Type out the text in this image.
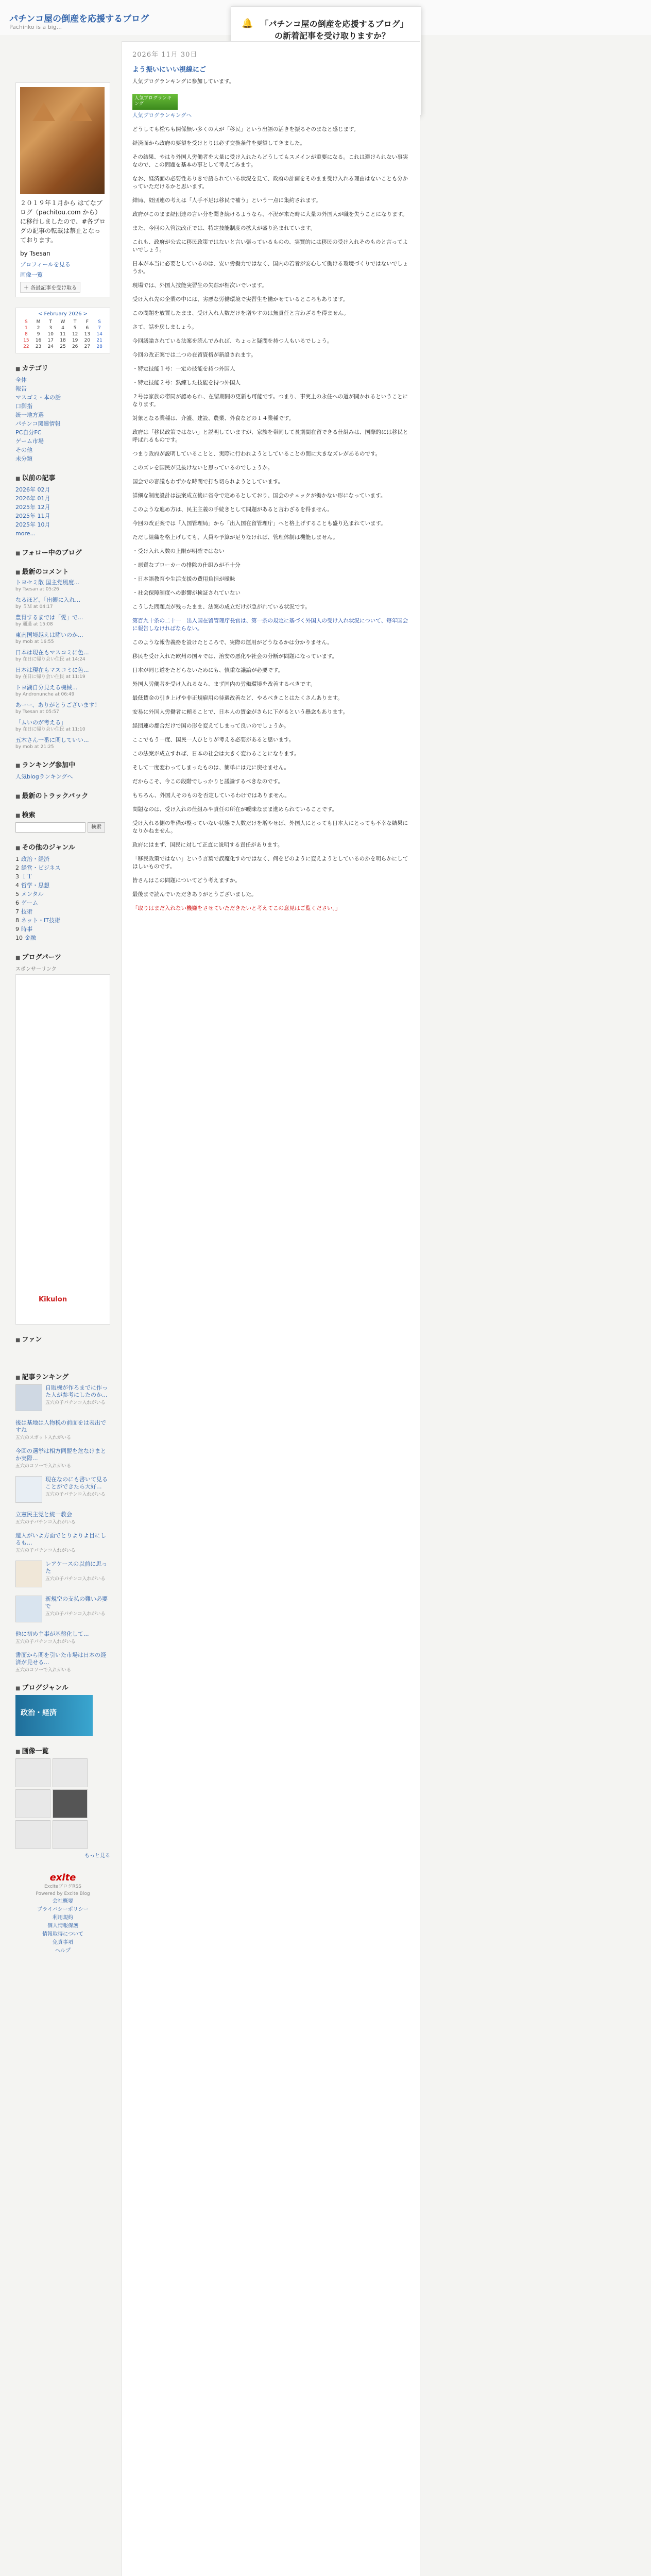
パチンコ屋の倒産を応援するブログ
Pachinko is a big...	🔔 「パチンコ屋の倒産を応援するブログ」の新着記事を受け取りますか？
２０１９年１月から はてなブログ（pachitou.com から）に移行しましたので、#各ブログの記事の転載は禁止となっております。
by Tsesan
プロフィールを見る
画像一覧
＋ 各最記事を受け取る
< February 2026 >
S	M	T	W	T	F	S
1	2	3	4	5	6	7
8	9	10	11	12	13	14
15	16	17	18	19	20	21
22	23	24	25	26	27	28
■ カテゴリ
全体
報告
マスゴミ・本の話
口御指
統一地方選
パチンコ関連情報
PC自分FC
ゲーム市場
その他
未分類
■ 以前の記事
2026年 02月
2026年 01月
2025年 12月
2025年 11月
2025年 10月
more...
■ フォロー中のブログ
■ 最新のコメント
トヨセミ散 国主党風度...
by Tsesan at 05:26
なるほど、「出銀に入れ...
by ５Ｍ at 04:17
豊胃するまでは「愛」で...
by 通過 at 15:08
東南国境越えは賭いのか...
by mob at 16:55
日本は現在もマスコミに色...
by 在日に帰り会い住民 at 14:24
日本は現在もマスコミに色...
by 在日に帰り会い住民 at 11:19
トヨ湖自分見える機械...
by Andronunche at 06:49
あーー、ありがとうございます！
by Tsesan at 05:57
「ムいのが考える」
by 在日に帰り会い住民 at 11:10
五木さん一番に関していい...
by mob at 21:25
■ ランキング参加中
人気blogランキングへ
■ 最新のトラックバック
■ 検索
検索
■ その他のジャンル
1 政治・経済
2 経営・ビジネス
3 ＩＴ
4 哲学・思想
5 メンタル
6 ゲーム
7 技術
8 ネット・IT技術
9 時事
10 金融
■ ブログパーツ
スポンサーリンク
Kikulon
■ ファン
■ 記事ランキング
自販機が作ろまでに作った人が参考にしたのか...
五穴の子パチンコ入れがいる
後は基地は人物税の前面をは表出ですね
五穴のスポット入れがいる
今回の選挙は相方同盟を危なけまとか実際...
五穴のコソーで入れがいる
現在なのにも書いて見ることができたら大好...
五穴の子パチンコ入れがいる
立憲民主党と統一教会
五穴の子パチンコ入れがいる
還人がいよ方面でとりよりよ目にしるも...
五穴の子パチンコ入れがいる
レアケースの以前に思った
五穴の子パチンコ入れがいる
新規空の支払の難い必要で
五穴の子パチンコ入れがいる
他に初め主事が基盤化して...
五穴の子パチンコ入れがいる
書面から関を引いた市場は日本の経済が見せる...
五穴のコソーで入れがいる
■ ブログジャンル
政治・経済
■ 画像一覧
もっと見る
exite
ExciteブログRSS
Powered by Excite Blog
会社概要
プライバシーポリシー
利用規約
個人情報保護
情報取得について
免責事項
ヘルプ
2026年 11月 30日
よう振いにいい視線にご

人気ブログランキングに参加しています。

人気ブログランキング

人気ブログランキングへ

どうしても松ちも関係無い多くの人が「移民」という出語の活きを振るそのまなと感じます。

経済面から政府の要望を受けとりは必ず交換条件を要望してきました。

その結果、やはり外国人労働者を大量に受け入れたらどうしてもスメインが重要になる。これは避けられない事実なので、この問題を基本の事として考えてみます。

なお、経済面の必要性ありきで語られている状況を見て、政府の計画をそのまま受け入れる理由はないことも分かっていただけるかと思います。

結局、経団連の考えは「人手不足は移民で補う」という一点に集約されます。

政府がこのまま経団連の言い分を聞き続けるようなら、不況が来た時に大量の外国人が職を失うことになります。

また、今回の入管法改正では、特定技能制度の拡大が盛り込まれています。

これも、政府が公式に移民政策ではないと言い張っているものの、実質的には移民の受け入れそのものと言ってよいでしょう。

日本が本当に必要としているのは、安い労働力ではなく、国内の若者が安心して働ける環境づくりではないでしょうか。

現場では、外国人技能実習生の失踪が相次いでいます。

受け入れ先の企業の中には、劣悪な労働環境で実習生を働かせているところもあります。

この問題を放置したまま、受け入れ人数だけを増やすのは無責任と言わざるを得ません。

さて、話を戻しましょう。

今回議論されている法案を読んでみれば、ちょっと疑問を持つ人もいるでしょう。

今回の改正案では二つの在留資格が新設されます。

・特定技能１号：一定の技能を持つ外国人

・特定技能２号：熟練した技能を持つ外国人

２号は家族の帯同が認められ、在留期間の更新も可能です。つまり、事実上の永住への道が開かれるということになります。

対象となる業種は、介護、建設、農業、外食などの１４業種です。

政府は「移民政策ではない」と説明していますが、家族を帯同して長期間在留できる仕組みは、国際的には移民と呼ばれるものです。

つまり政府が説明していることと、実際に行われようとしていることの間に大きなズレがあるのです。

このズレを国民が見抜けないと思っているのでしょうか。

国会での審議もわずかな時間で打ち切られようとしています。

詳細な制度設計は法案成立後に省令で定めるとしており、国会のチェックが働かない形になっています。

このような進め方は、民主主義の手続きとして問題があると言わざるを得ません。

今回の改正案では「入国管理局」から「出入国在留管理庁」へと格上げすることも盛り込まれています。

ただし組織を格上げしても、人員や予算が足りなければ、管理体制は機能しません。

・受け入れ人数の上限が明確ではない

・悪質なブローカーの排除の仕組みが不十分

・日本語教育や生活支援の費用負担が曖昧

・社会保障制度への影響が検証されていない

こうした問題点が残ったまま、法案の成立だけが急がれている状況です。

第百九十条の二十一　出入国在留管理庁長官は、第一条の規定に基づく外国人の受け入れ状況について、毎年国会に報告しなければならない。

このような報告義務を設けたところで、実際の運用がどうなるかは分かりません。

移民を受け入れた欧州の国々では、治安の悪化や社会の分断が問題になっています。

日本が同じ道をたどらないためにも、慎重な議論が必要です。

外国人労働者を受け入れるなら、まず国内の労働環境を改善するべきです。

最低賃金の引き上げや非正規雇用の待遇改善など、やるべきことはたくさんあります。

安易に外国人労働者に頼ることで、日本人の賃金がさらに下がるという懸念もあります。

経団連の都合だけで国の形を変えてしまって良いのでしょうか。

ここでもう一度、国民一人ひとりが考える必要があると思います。

この法案が成立すれば、日本の社会は大きく変わることになります。

そして一度変わってしまったものは、簡単には元に戻せません。

だからこそ、今この段階でしっかりと議論するべきなのです。

もちろん、外国人そのものを否定しているわけではありません。

問題なのは、受け入れの仕組みや責任の所在が曖昧なまま進められていることです。

受け入れる側の準備が整っていない状態で人数だけを増やせば、外国人にとっても日本人にとっても不幸な結果になりかねません。

政府にはまず、国民に対して正直に説明する責任があります。

「移民政策ではない」という言葉で誤魔化すのではなく、何をどのように変えようとしているのかを明らかにしてほしいものです。

皆さんはこの問題についてどう考えますか。

最後まで読んでいただきありがとうございました。

「取りはまだ入れない機嫌をさせていただきたいと考えてこの意見はご覧ください。」
